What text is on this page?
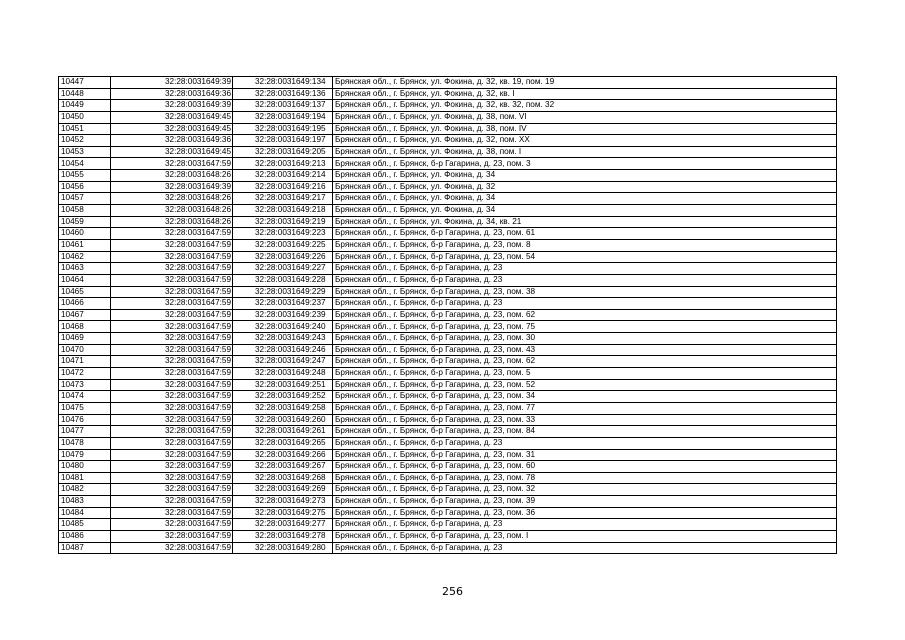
10447	32:28:0031649:39	32:28:0031649:134	Брянская обл., г. Брянск, ул. Фокина, д. 32, кв. 19, пом. 19
10448	32:28:0031649:36	32:28:0031649:136	Брянская обл., г. Брянск, ул. Фокина, д. 32, кв. I
10449	32:28:0031649:39	32:28:0031649:137	Брянская обл., г. Брянск, ул. Фокина, д. 32, кв. 32, пом. 32
10450	32:28:0031649:45	32:28:0031649:194	Брянская обл., г. Брянск, ул. Фокина, д. 38, пом. VI
10451	32:28:0031649:45	32:28:0031649:195	Брянская обл., г. Брянск, ул. Фокина, д. 38, пом. IV
10452	32:28:0031649:36	32:28:0031649:197	Брянская обл., г. Брянск, ул. Фокина, д. 32, пом. XX
10453	32:28:0031649:45	32:28:0031649:205	Брянская обл., г. Брянск, ул. Фокина, д. 38, пом. I
10454	32:28:0031647:59	32:28:0031649:213	Брянская обл., г. Брянск, б-р Гагарина, д. 23, пом. 3
10455	32:28:0031648:26	32:28:0031649:214	Брянская обл., г. Брянск, ул. Фокина, д. 34
10456	32:28:0031649:39	32:28:0031649:216	Брянская обл., г. Брянск, ул. Фокина, д. 32
10457	32:28:0031648:26	32:28:0031649:217	Брянская обл., г. Брянск, ул. Фокина, д. 34
10458	32:28:0031648:26	32:28:0031649:218	Брянская обл., г. Брянск, ул. Фокина, д. 34
10459	32:28:0031648:26	32:28:0031649:219	Брянская обл., г. Брянск, ул. Фокина, д. 34, кв. 21
10460	32:28:0031647:59	32:28:0031649:223	Брянская обл., г. Брянск, б-р Гагарина, д. 23, пом. 61
10461	32:28:0031647:59	32:28:0031649:225	Брянская обл., г. Брянск, б-р Гагарина, д. 23, пом. 8
10462	32:28:0031647:59	32:28:0031649:226	Брянская обл., г. Брянск, б-р Гагарина, д. 23, пом. 54
10463	32:28:0031647:59	32:28:0031649:227	Брянская обл., г. Брянск, б-р Гагарина, д. 23
10464	32:28:0031647:59	32:28:0031649:228	Брянская обл., г. Брянск, б-р Гагарина, д. 23
10465	32:28:0031647:59	32:28:0031649:229	Брянская обл., г. Брянск, б-р Гагарина, д. 23, пом. 38
10466	32:28:0031647:59	32:28:0031649:237	Брянская обл., г. Брянск, б-р Гагарина, д. 23
10467	32:28:0031647:59	32:28:0031649:239	Брянская обл., г. Брянск, б-р Гагарина, д. 23, пом. 62
10468	32:28:0031647:59	32:28:0031649:240	Брянская обл., г. Брянск, б-р Гагарина, д. 23, пом. 75
10469	32:28:0031647:59	32:28:0031649:243	Брянская обл., г. Брянск, б-р Гагарина, д. 23, пом. 30
10470	32:28:0031647:59	32:28:0031649:246	Брянская обл., г. Брянск, б-р Гагарина, д. 23, пом. 43
10471	32:28:0031647:59	32:28:0031649:247	Брянская обл., г. Брянск, б-р Гагарина, д. 23, пом. 62
10472	32:28:0031647:59	32:28:0031649:248	Брянская обл., г. Брянск, б-р Гагарина, д. 23, пом. 5
10473	32:28:0031647:59	32:28:0031649:251	Брянская обл., г. Брянск, б-р Гагарина, д. 23, пом. 52
10474	32:28:0031647:59	32:28:0031649:252	Брянская обл., г. Брянск, б-р Гагарина, д. 23, пом. 34
10475	32:28:0031647:59	32:28:0031649:258	Брянская обл., г. Брянск, б-р Гагарина, д. 23, пом. 77
10476	32:28:0031647:59	32:28:0031649:260	Брянская обл., г. Брянск, б-р Гагарина, д. 23, пом. 33
10477	32:28:0031647:59	32:28:0031649:261	Брянская обл., г. Брянск, б-р Гагарина, д. 23, пом. 84
10478	32:28:0031647:59	32:28:0031649:265	Брянская обл., г. Брянск, б-р Гагарина, д. 23
10479	32:28:0031647:59	32:28:0031649:266	Брянская обл., г. Брянск, б-р Гагарина, д. 23, пом. 31
10480	32:28:0031647:59	32:28:0031649:267	Брянская обл., г. Брянск, б-р Гагарина, д. 23, пом. 60
10481	32:28:0031647:59	32:28:0031649:268	Брянская обл., г. Брянск, б-р Гагарина, д. 23, пом. 78
10482	32:28:0031647:59	32:28:0031649:269	Брянская обл., г. Брянск, б-р Гагарина, д. 23, пом. 32
10483	32:28:0031647:59	32:28:0031649:273	Брянская обл., г. Брянск, б-р Гагарина, д. 23, пом. 39
10484	32:28:0031647:59	32:28:0031649:275	Брянская обл., г. Брянск, б-р Гагарина, д. 23, пом. 36
10485	32:28:0031647:59	32:28:0031649:277	Брянская обл., г. Брянск, б-р Гагарина, д. 23
10486	32:28:0031647:59	32:28:0031649:278	Брянская обл., г. Брянск, б-р Гагарина, д. 23, пом. I
10487	32:28:0031647:59	32:28:0031649:280	Брянская обл., г. Брянск, б-р Гагарина, д. 23
256
